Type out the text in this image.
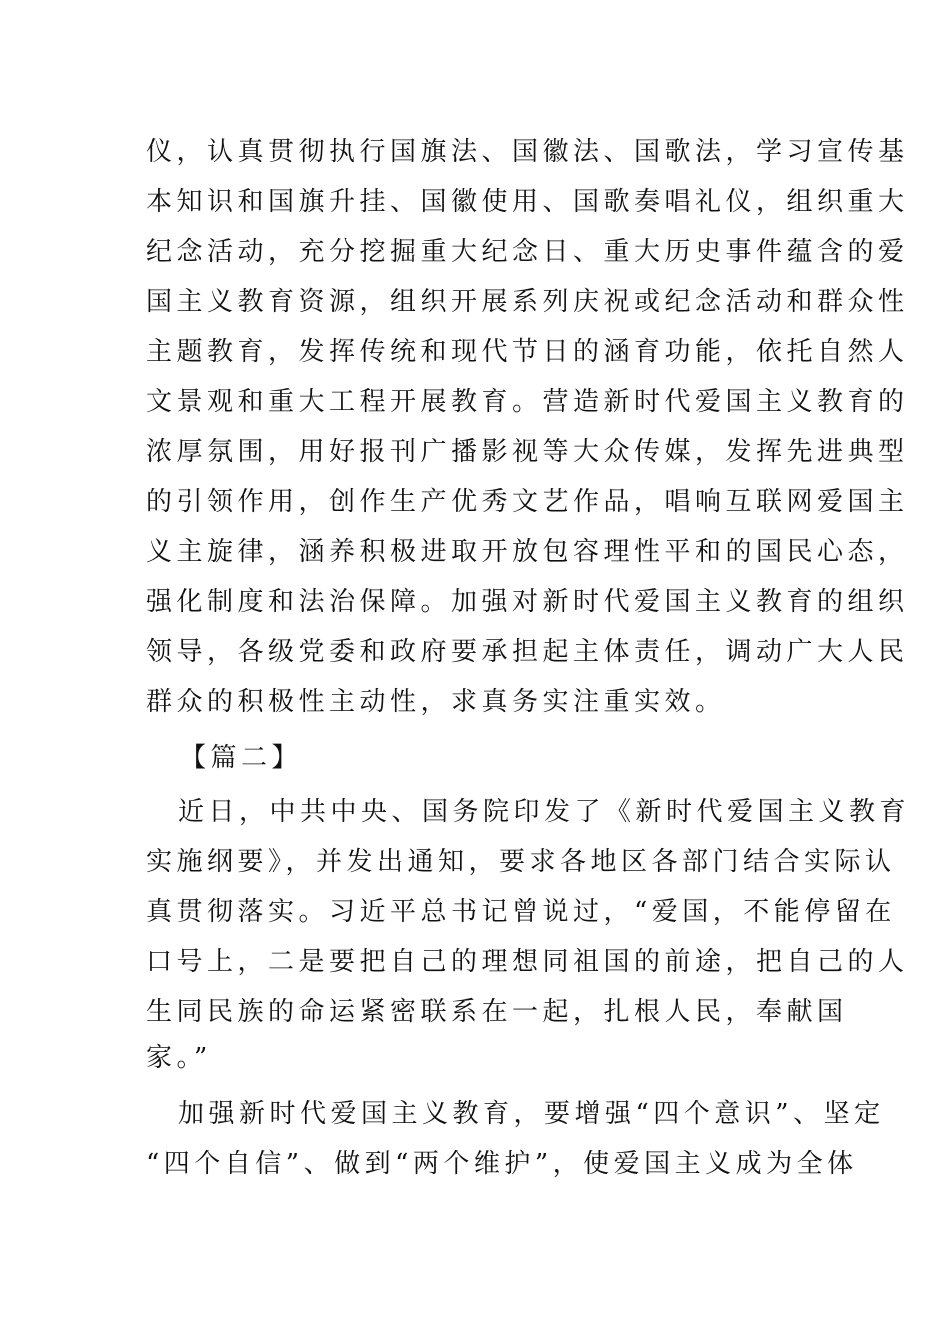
仪，认真贯彻执行国旗法、国徽法、国歌法，学习宣传基

本知识和国旗升挂、国徽使用、国歌奏唱礼仪，组织重大

纪念活动，充分挖掘重大纪念日、重大历史事件蕴含的爱

国主义教育资源，组织开展系列庆祝或纪念活动和群众性

主题教育，发挥传统和现代节日的涵育功能，依托自然人

文景观和重大工程开展教育。营造新时代爱国主义教育的

浓厚氛围，用好报刊广播影视等大众传媒，发挥先进典型

的引领作用，创作生产优秀文艺作品，唱响互联网爱国主

义主旋律，涵养积极进取开放包容理性平和的国民心态，

强化制度和法治保障。加强对新时代爱国主义教育的组织

领导，各级党委和政府要承担起主体责任，调动广大人民

群众的积极性主动性，求真务实注重实效。

【篇二】

近日，中共中央、国务院印发了《新时代爱国主义教育

实施纲要》，并发出通知，要求各地区各部门结合实际认

真贯彻落实。习近平总书记曾说过，“爱国，不能停留在

口号上，二是要把自己的理想同祖国的前途，把自己的人

生同民族的命运紧密联系在一起，扎根人民，奉献国

家。”

加强新时代爱国主义教育，要增强“四个意识”、坚定

“四个自信”、做到“两个维护”，使爱国主义成为全体
